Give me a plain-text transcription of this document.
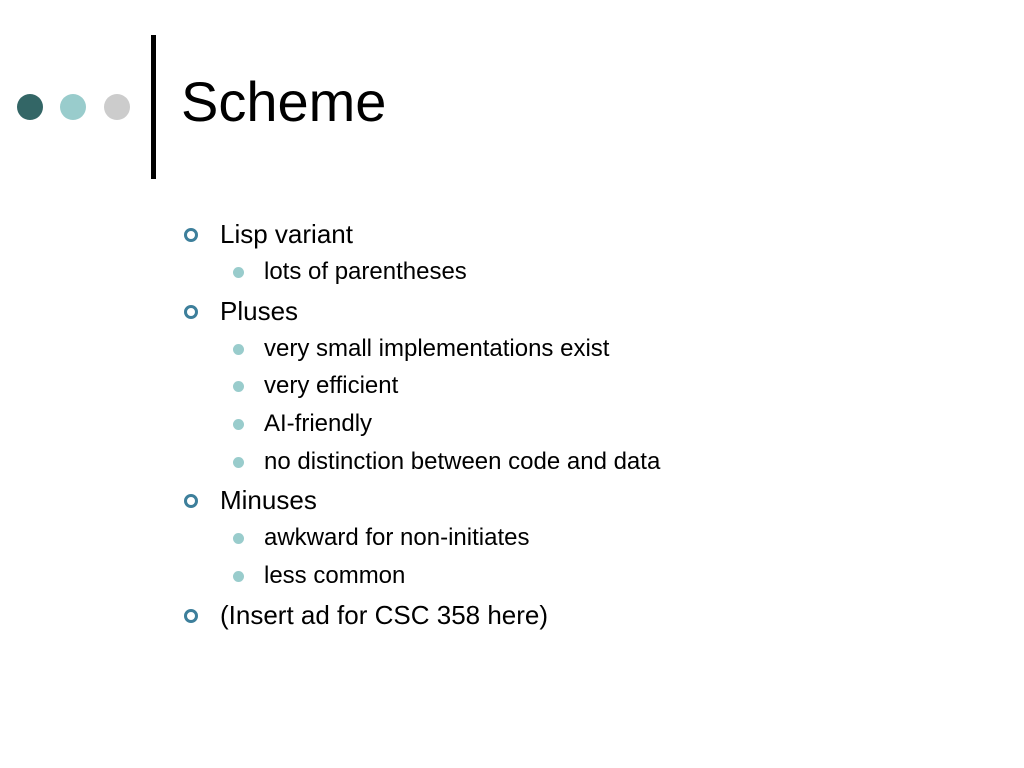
Scheme
Lisp variant
lots of parentheses
Pluses
very small implementations exist
very efficient
AI-friendly
no distinction between code and data
Minuses
awkward for non-initiates
less common
(Insert ad for CSC 358 here)
